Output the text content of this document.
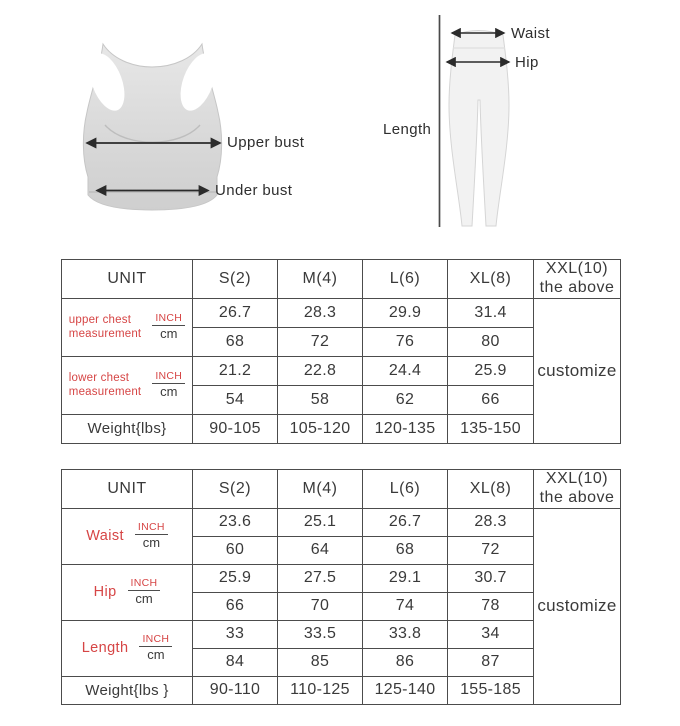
Upper bust
Under bust
Waist
Hip
Length
UNIT	S(2)	M(4)	L(6)	XL(8)	XXL(10)
the above

upper chest
measurement $\frac{\text{INCH}}{cm}$	26.7	28.3	29.9	31.4	customize
	68	72	76	80	

lower chest
measurement $\frac{\text{INCH}}{cm}$	21.2	22.8	24.4	25.9	
	54	58	62	66	
Weight{lbs}	90-105	105-120	120-135	135-150	
UNIT	S(2)	M(4)	L(6)	XL(8)	XXL(10)
the above

Waist $\frac{\text{INCH}}{cm}$	23.6	25.1	26.7	28.3	customize
	60	64	68	72	

Hip $\frac{\text{INCH}}{cm}$	25.9	27.5	29.1	30.7	
	66	70	74	78	

Length $\frac{\text{INCH}}{cm}$	33	33.5	33.8	34	
	84	85	86	87	
Weight{lbs }	90-110	110-125	125-140	155-185	
